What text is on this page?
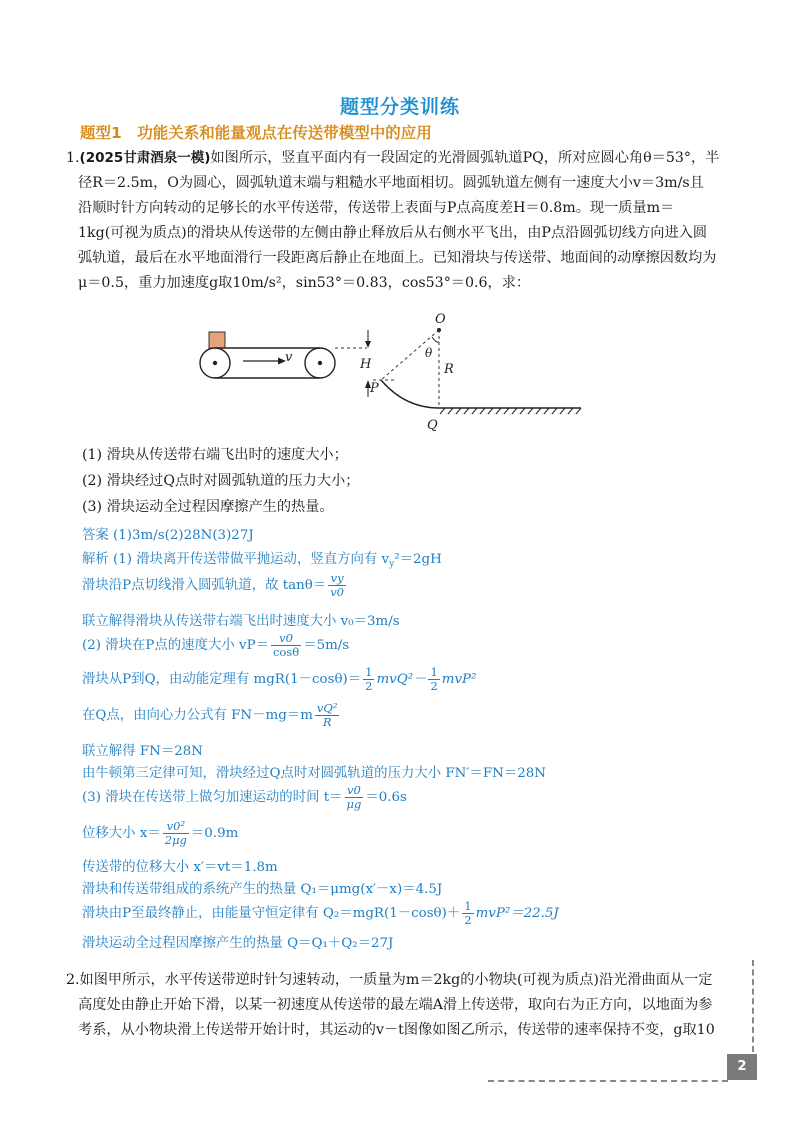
题型分类训练
题型1　功能关系和能量观点在传送带模型中的应用
1.(2025甘肃酒泉一模)如图所示，竖直平面内有一段固定的光滑圆弧轨道PQ，所对应圆心角θ＝53°，半
径R＝2.5m，O为圆心，圆弧轨道末端与粗糙水平地面相切。圆弧轨道左侧有一速度大小v＝3m/s且
沿顺时针方向转动的足够长的水平传送带，传送带上表面与P点高度差H＝0.8m。现一质量m＝
1kg(可视为质点)的滑块从传送带的左侧由静止释放后从右侧水平飞出，由P点沿圆弧切线方向进入圆
弧轨道，最后在水平地面滑行一段距离后静止在地面上。已知滑块与传送带、地面间的动摩擦因数均为
μ＝0.5，重力加速度g取10m/s²，sin53°＝0.83，cos53°＝0.6，求：
v	H
P
O
θ
R
Q
(1) 滑块从传送带右端飞出时的速度大小；
(2) 滑块经过Q点时对圆弧轨道的压力大小；
(3) 滑块运动全过程因摩擦产生的热量。
答案 (1)3m/s(2)28N(3)27J
解析 (1) 滑块离开传送带做平抛运动，竖直方向有 $v_y^2=2gH$
滑块沿P点切线滑入圆弧轨道，故 $\tan\theta= \frac{vy}{v0}$
联立解得滑块从传送带右端飞出时速度大小 v₀＝3m/s
(2) 滑块在P点的速度大小 $vP= \frac{v0}{\cos\theta} =5m/s$
滑块从P到Q，由动能定理有 $mgR(1-\cos\theta)= \frac{1}{2} mvQ^2- \frac{1}{2} mvP^2$
在Q点，由向心力公式有 $FN-mg=m \frac{\text{vQ²}}{R}$
联立解得 FN＝28N
由牛顿第三定律可知，滑块经过Q点时对圆弧轨道的压力大小 FN′＝FN＝28N
(3) 滑块在传送带上做匀加速运动的时间 $t= \frac{v0}{\mu g} =0.6s$
位移大小 $x= \frac{\text{v0²}}{2\mu g} =0.9m$
传送带的位移大小 x′＝vt＝1.8m
滑块和传送带组成的系统产生的热量 Q₁＝μmg(x′－x)＝4.5J
滑块由P至最终静止，由能量守恒定律有 $Q_2=mgR(1-\cos\theta)+ \frac{1}{2} mvP^2=22.5J$
滑块运动全过程因摩擦产生的热量 Q＝Q₁＋Q₂＝27J
2.如图甲所示，水平传送带逆时针匀速转动，一质量为m＝2kg的小物块(可视为质点)沿光滑曲面从一定
高度处由静止开始下滑，以某一初速度从传送带的最左端A滑上传送带，取向右为正方向，以地面为参
考系，从小物块滑上传送带开始计时，其运动的v－t图像如图乙所示，传送带的速率保持不变，g取10
2
